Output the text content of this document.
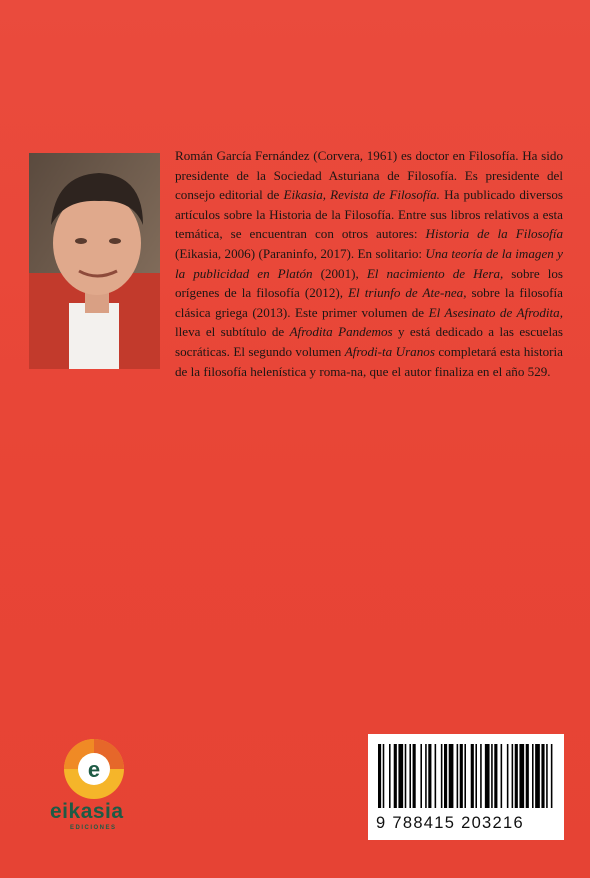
Román García Fernández (Corvera, 1961) es doctor en Filosofía. Ha sido presidente de la Sociedad Asturiana de Filosofía. Es presidente del consejo editorial de Eikasia, Revista de Filosofía. Ha publicado diversos artículos sobre la Historia de la Filosofía. Entre sus libros relativos a esta temática, se encuentran con otros autores: Historia de la Filosofía (Eikasia, 2006) (Paraninfo, 2017). En solitario: Una teoría de la imagen y la publicidad en Platón (2001), El nacimiento de Hera, sobre los orígenes de la filosofía (2012), El triunfo de Ate-nea, sobre la filosofía clásica griega (2013). Este primer volumen de El Asesinato de Afrodita, lleva el subtítulo de Afrodita Pandemos y está dedicado a las escuelas socráticas. El segundo volumen Afrodi-ta Uranos completará esta historia de la filosofía helenística y roma-na, que el autor finaliza en el año 529.

e
eikasia
EDICIONES	9 788415 203216
